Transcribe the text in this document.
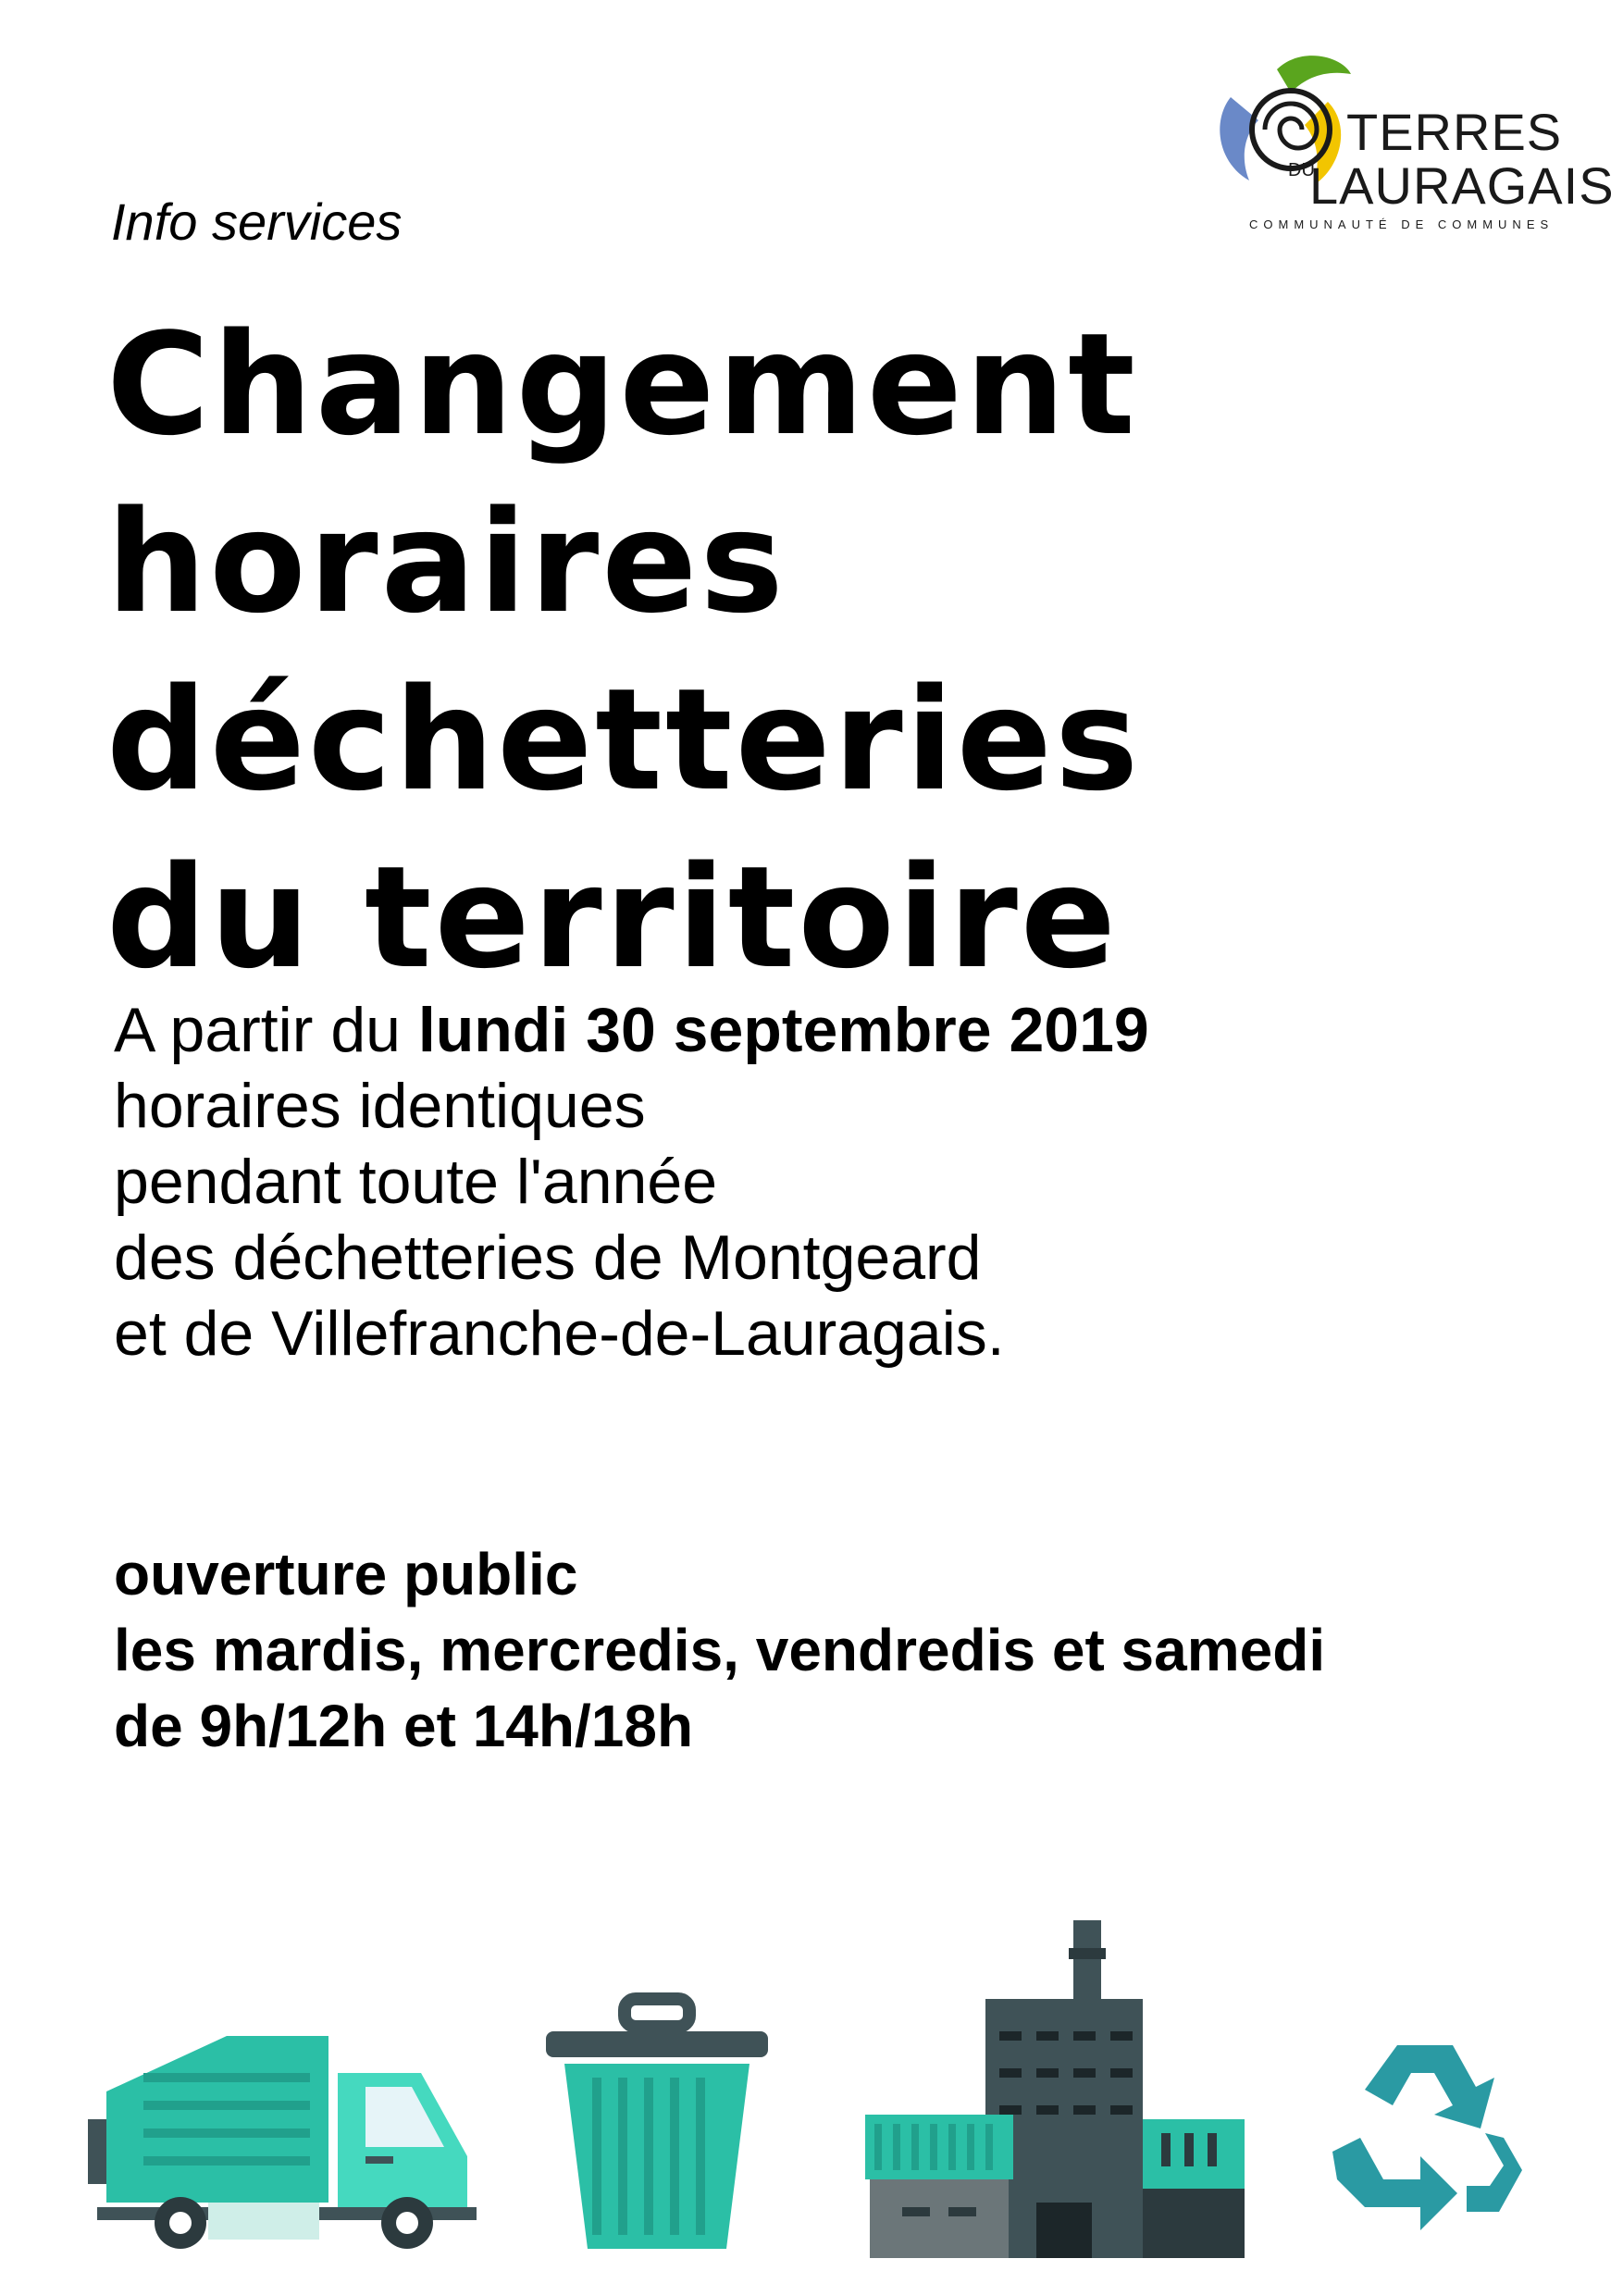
TERRES
DU
LAURAGAIS
COMMUNAUTÉ DE COMMUNES
Info services
Changement
horaires
déchetteries
du territoire
A partir du lundi 30 septembre 2019
horaires identiques
pendant toute l'année
des déchetteries de Montgeard
et de Villefranche-de-Lauragais.
ouverture public
les mardis, mercredis, vendredis et samedi
de 9h/12h et 14h/18h
